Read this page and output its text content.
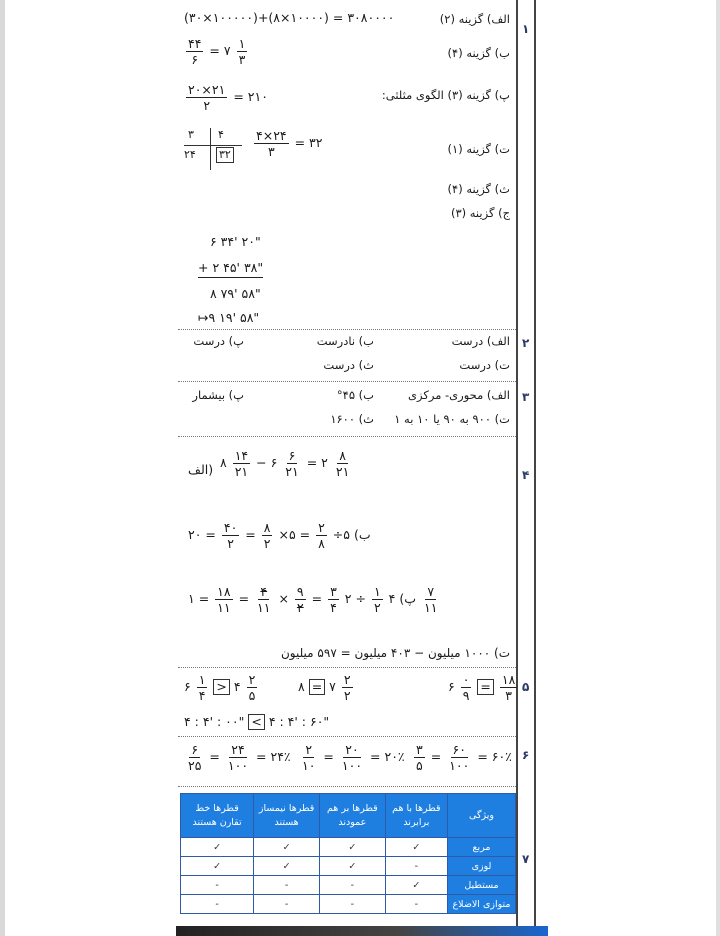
۱
۲
۳
۴
۵
۶
۷
الف) گزینه (۲)
(۳۰×۱۰۰۰۰۰)+(۸×۱۰۰۰۰) = ۳۰۸۰۰۰۰
ب) گزینه (۴)
$\frac{۴۴}{۶}$ = ۷ $\frac{۱}{۳}$
پ) گزینه (۳) الگوی مثلثی:
$\frac{۲۰\times ۲۱}{۲}$ = ۲۱۰
ت) گزینه (۱)
۳ ۴
۲۴ ۳۲ $\frac{۴\times ۲۴}{۳}$ = ۳۲
ث) گزینه (۴)
ج) گزینه (۳)
۶ ۳۴' ۲۰"
+ ۲ ۴۵' ۳۸"
۸ ۷۹' ۵۸"
↦۹ ۱۹' ۵۸"
الف) درست
ب) نادرست
پ) درست
ت) درست
ث) درست
الف) محوری- مرکزی
ب) ۴۵°
پ) بیشمار
ت) ۹۰۰ به ۹۰ یا ۱۰ به ۱
ث) ۱۶۰۰
(الف ۸ $\frac{۱۴}{۲۱}$ − ۶ $\frac{۶}{۲۱}$ = ۲ $\frac{۸}{۲۱}$
ب) ۵÷
$\frac{۲}{۸}$
= ۵×
$\frac{۸}{۲}$
=
$\frac{۴۰}{۲}$
= ۲۰
پ) ۴
$\frac{۱}{۲}$
÷ ۲
$\frac{۳}{۴}$
=
$\frac{۹}{۲}$
×
$\frac{۴}{۱۱}$
=
$\frac{۱۸}{۱۱}$
= ۱	$\frac{۷}{۱۱}$
ت) ۱۰۰۰ میلیون − ۴۰۳ میلیون = ۵۹۷ میلیون
۶ $\frac{۱}{۴}$ > ۴ $\frac{۲}{۵}$	۸ = ۷ $\frac{۲}{۲}$	۶ $\frac{۰}{۹} = \frac{۱۸}{۳}$
۴ : ۴' : ۰۰" < ۴ : ۴' : ۶۰"
$\frac{۶}{۲۵} = \frac{۲۴}{۱۰۰}$ = ۲۴٪ $\frac{۲}{۱۰} = \frac{۲۰}{۱۰۰}$ = ۲۰٪ $\frac{۳}{۵} = \frac{۶۰}{۱۰۰}$ = ۶۰٪
ویژگی	قطرها با هم برابرند	قطرها بر هم عمودند	قطرها نیمساز هستند	قطرها خط تقارن هستند
مربع	✓	✓	✓	✓
لوزی	-	✓	✓	✓
مستطیل	✓	-	-	-
متوازی الاضلاع	-	-	-	-
